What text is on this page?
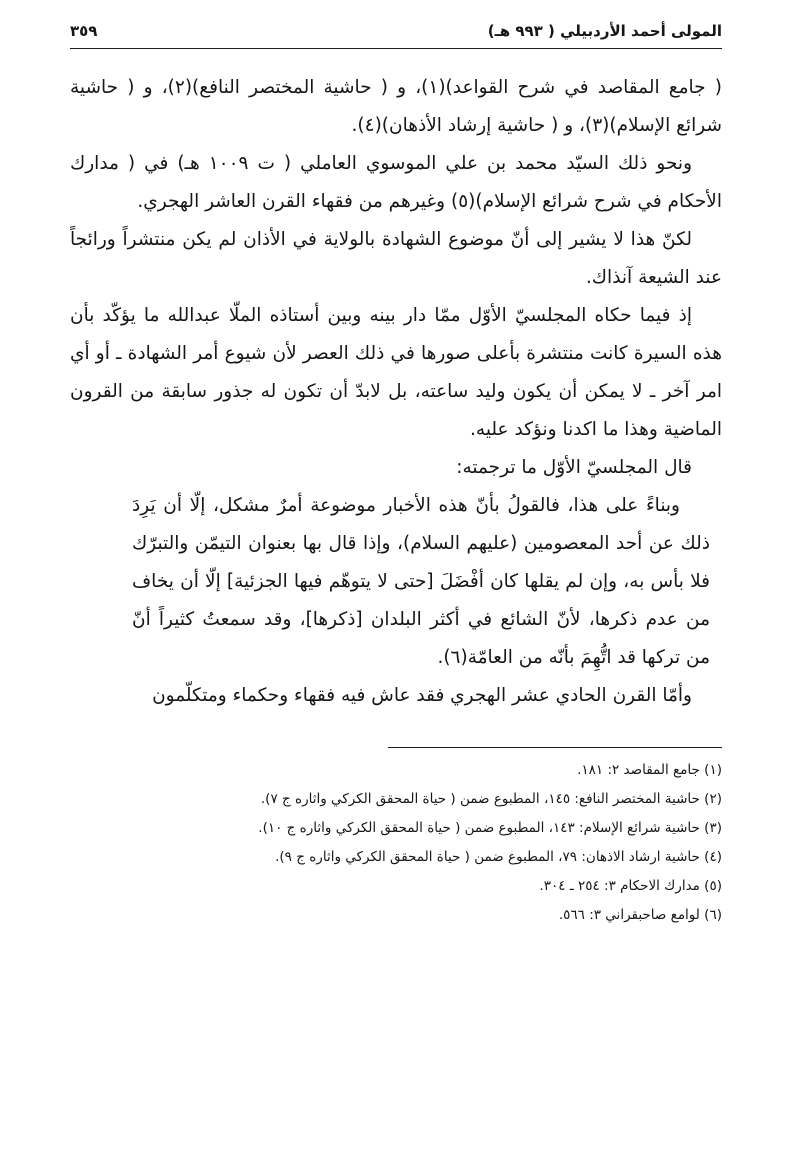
المولى أحمد الأردبيلي ( ٩٩٣ هـ)
٣٥٩

( جامع المقاصد في شرح القواعد)(١)، و ( حاشية المختصر النافع)(٢)، و ( حاشية شرائع الإسلام)(٣)، و ( حاشية إرشاد الأذهان)(٤).

ونحو ذلك السيّد محمد بن علي الموسوي العاملي ( ت ١٠٠٩ هـ) في ( مدارك الأحكام في شرح شرائع الإسلام)(٥) وغيرهم من فقهاء القرن العاشر الهجري.

لكنّ هذا لا يشير إلى أنّ موضوع الشهادة بالولاية في الأذان لم يكن منتشراً ورائجاً عند الشيعة آنذاك.

إذ فيما حكاه المجلسيّ الأوّل ممّا دار بينه وبين أستاذه الملّا عبدالله ما يؤكّد بأن هذه السيرة كانت منتشرة بأعلى صورها في ذلك العصر لأن شيوع أمر الشهادة ـ أو أي امر آخر ـ لا يمكن أن يكون وليد ساعته، بل لابدّ أن تكون له جذور سابقة من القرون الماضية وهذا ما اكدنا ونؤكد عليه.

قال المجلسيّ الأوّل ما ترجمته:

وبناءً على هذا، فالقولُ بأنّ هذه الأخبار موضوعة أمرٌ مشكل، إلّا أن يَرِدَ ذلك عن أحد المعصومين (عليهم السلام)، وإذا قال بها بعنوان التيمّن والتبرّك فلا بأس به، وإن لم يقلها كان أفْضَلَ [حتى لا يتوهّم فيها الجزئية] إلّا أن يخاف من عدم ذكرها، لأنّ الشائع في أكثر البلدان [ذكرها]، وقد سمعتُ كثيراً أنّ من تركها قد اتُّهِمَ بأنّه من العامّة(٦).

وأمّا القرن الحادي عشر الهجري فقد عاش فيه فقهاء وحكماء ومتكلّمون

(١) جامع المقاصد ٢: ١٨١.
(٢) حاشية المختصر النافع: ١٤٥، المطبوع ضمن ( حياة المحقق الكركي واثاره ج ٧).
(٣) حاشية شرائع الإسلام: ١٤٣، المطبوع ضمن ( حياة المحقق الكركي واثاره ج ١٠).
(٤) حاشية ارشاد الاذهان: ٧٩، المطبوع ضمن ( حياة المحقق الكركي واثاره ج ٩).
(٥) مدارك الاحكام ٣: ٢٥٤ ـ ٣٠٤.
(٦) لوامع صاحبقراني ٣: ٥٦٦.
